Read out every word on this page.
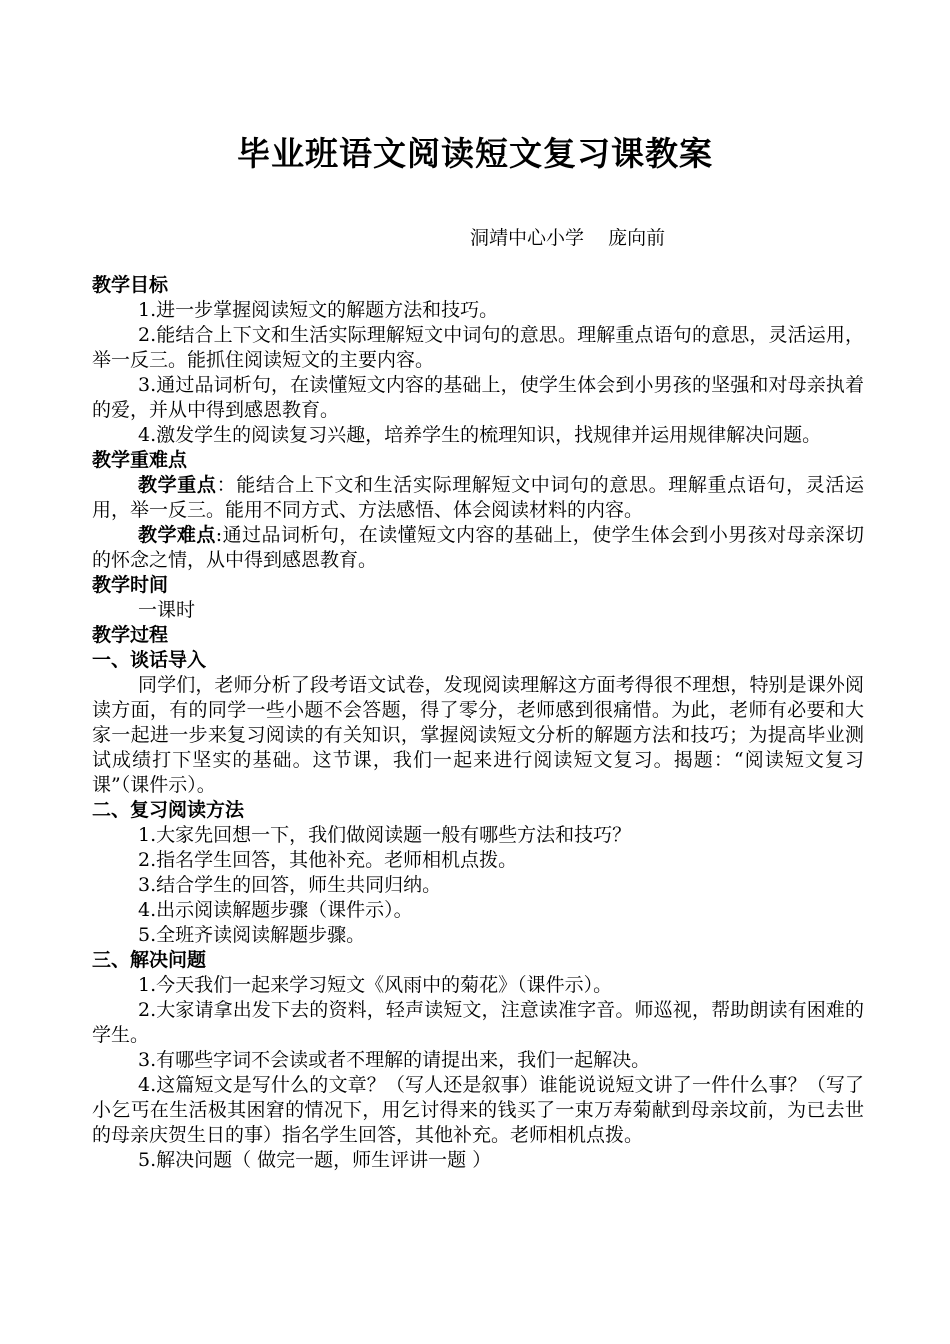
毕业班语文阅读短文复习课教案
洞靖中心小学    庞向前

教学目标

1.进一步掌握阅读短文的解题方法和技巧。

2.能结合上下文和生活实际理解短文中词句的意思。理解重点语句的意思，灵活运用，举一反三。能抓住阅读短文的主要内容。

3.通过品词析句，在读懂短文内容的基础上，使学生体会到小男孩的坚强和对母亲执着的爱，并从中得到感恩教育。

4.激发学生的阅读复习兴趣，培养学生的梳理知识，找规律并运用规律解决问题。

教学重难点

教学重点：能结合上下文和生活实际理解短文中词句的意思。理解重点语句，灵活运用，举一反三。能用不同方式、方法感悟、体会阅读材料的内容。

教学难点:通过品词析句，在读懂短文内容的基础上，使学生体会到小男孩对母亲深切的怀念之情，从中得到感恩教育。

教学时间

一课时

教学过程

一、谈话导入

同学们，老师分析了段考语文试卷，发现阅读理解这方面考得很不理想，特别是课外阅读方面，有的同学一些小题不会答题，得了零分，老师感到很痛惜。为此，老师有必要和大家一起进一步来复习阅读的有关知识，掌握阅读短文分析的解题方法和技巧；为提高毕业测试成绩打下坚实的基础。这节课，我们一起来进行阅读短文复习。揭题：“阅读短文复习课”（课件示）。

二、复习阅读方法

1.大家先回想一下，我们做阅读题一般有哪些方法和技巧？

2.指名学生回答，其他补充。老师相机点拨。

3.结合学生的回答，师生共同归纳。

4.出示阅读解题步骤（课件示）。

5.全班齐读阅读解题步骤。

三、解决问题

1.今天我们一起来学习短文《风雨中的菊花》（课件示）。

2.大家请拿出发下去的资料，轻声读短文，注意读准字音。师巡视，帮助朗读有困难的学生。

3.有哪些字词不会读或者不理解的请提出来，我们一起解决。

4.这篇短文是写什么的文章？（写人还是叙事）谁能说说短文讲了一件什么事？（写了小乞丐在生活极其困窘的情况下，用乞讨得来的钱买了一束万寿菊献到母亲坟前，为已去世的母亲庆贺生日的事）指名学生回答，其他补充。老师相机点拨。

5.解决问题（ 做完一题，师生评讲一题 ）
